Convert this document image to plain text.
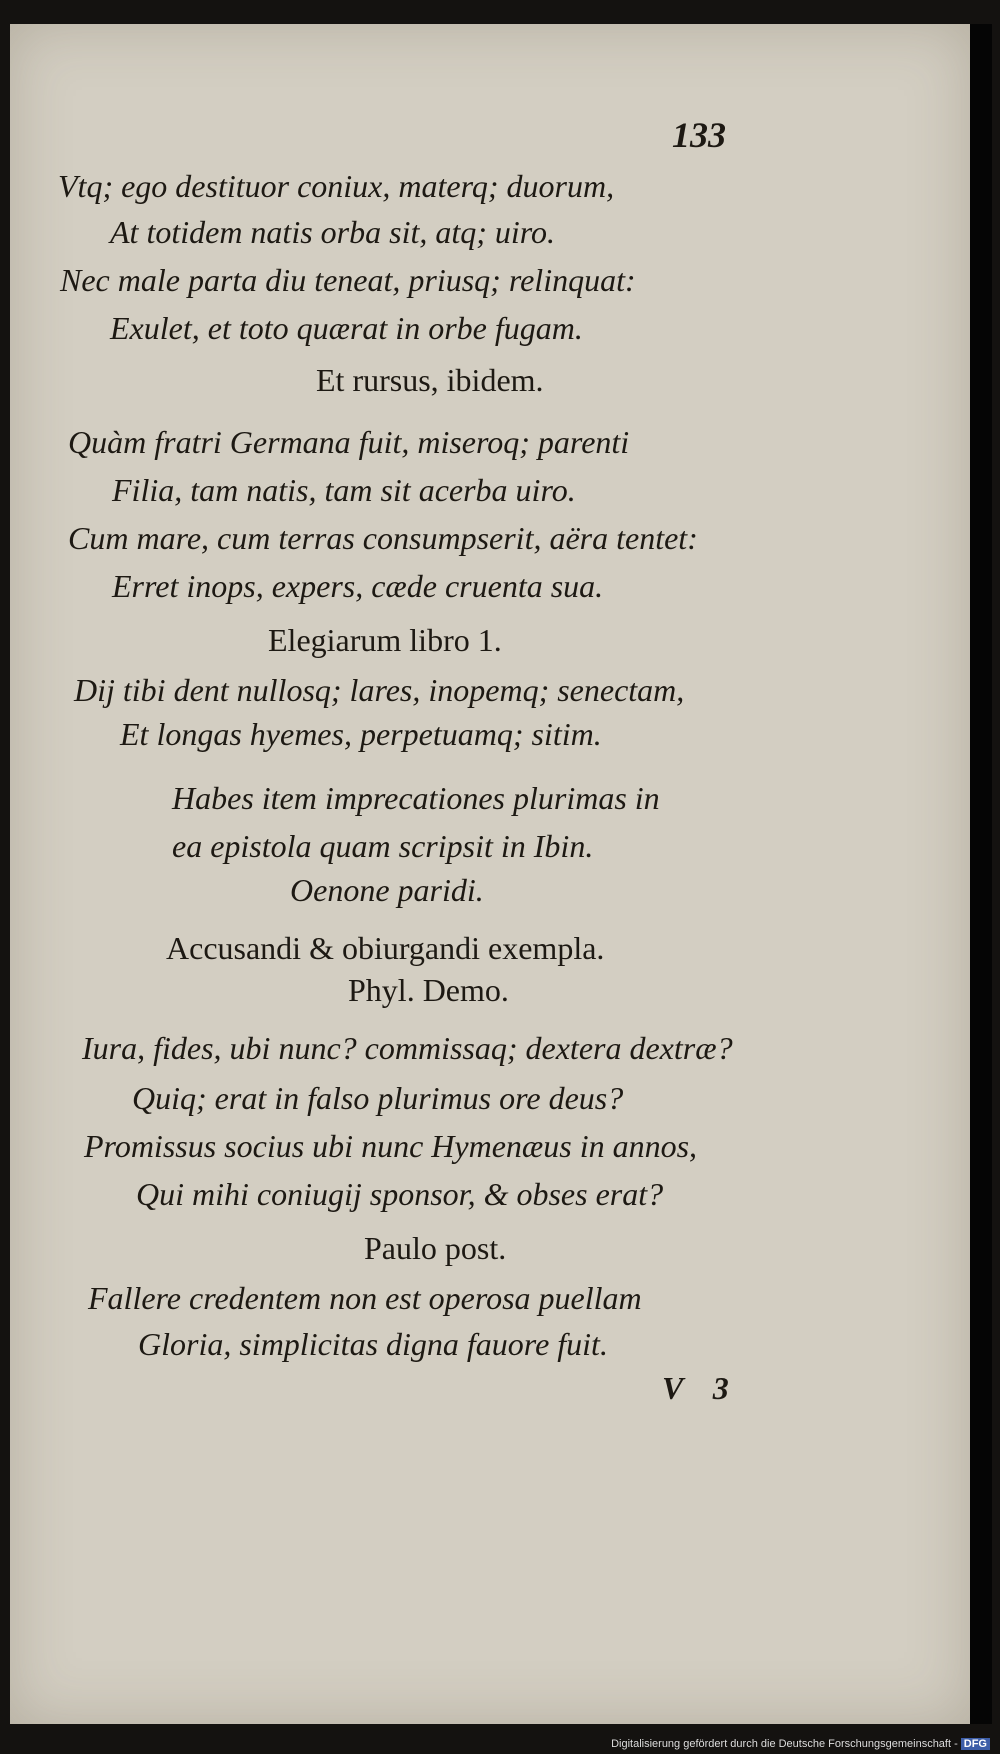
133
Vtq; ego destituor coniux, materq; duorum,
At totidem natis orba sit, atq; uiro.
Nec male parta diu teneat, priusq; relinquat:
Exulet, et toto quærat in orbe fugam.
Et rursus, ibidem.
Quàm fratri Germana fuit, miseroq; parenti
Filia, tam natis, tam sit acerba uiro.
Cum mare, cum terras consumpserit, aëra tentet:
Erret inops, expers, cæde cruenta sua.
Elegiarum libro 1.
Dij tibi dent nullosq; lares, inopemq; senectam,
Et longas hyemes, perpetuamq; sitim.
Habes item imprecationes plurimas in
ea epistola quam scripsit in Ibin.
Oenone paridi.
Accusandi & obiurgandi exempla.
Phyl. Demo.
Iura, fides, ubi nunc? commissaq; dextera dextræ?
Quiq; erat in falso plurimus ore deus?
Promissus socius ubi nunc Hymenæus in annos,
Qui mihi coniugij sponsor, & obses erat?
Paulo post.
Fallere credentem non est operosa puellam
Gloria, simplicitas digna fauore fuit.
V 3
Digitalisierung gefördert durch die Deutsche Forschungsgemeinschaft - DFG
